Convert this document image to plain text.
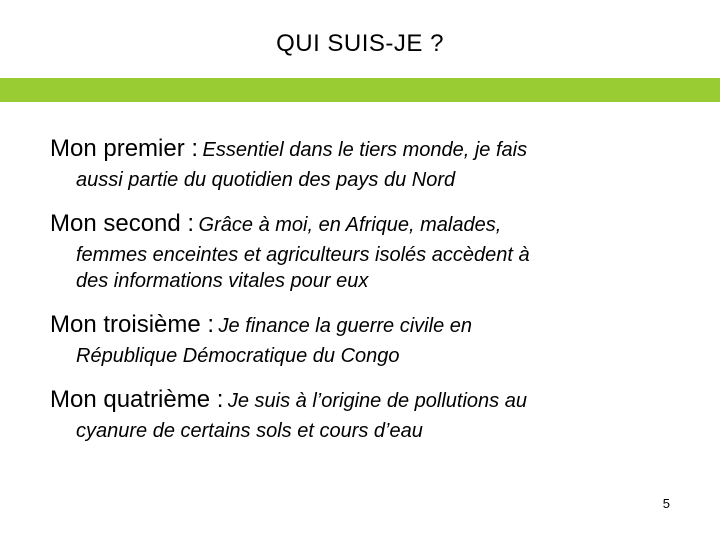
QUI SUIS-JE ?
Mon premier : Essentiel dans le tiers monde, je fais
aussi partie du quotidien des pays du Nord
Mon second : Grâce à moi, en Afrique, malades,
femmes enceintes et agriculteurs isolés accèdent à
des informations vitales pour eux
Mon troisième : Je finance la guerre civile en
République Démocratique du Congo
Mon quatrième : Je suis à l’origine de pollutions au
cyanure de certains sols et cours d’eau
5
